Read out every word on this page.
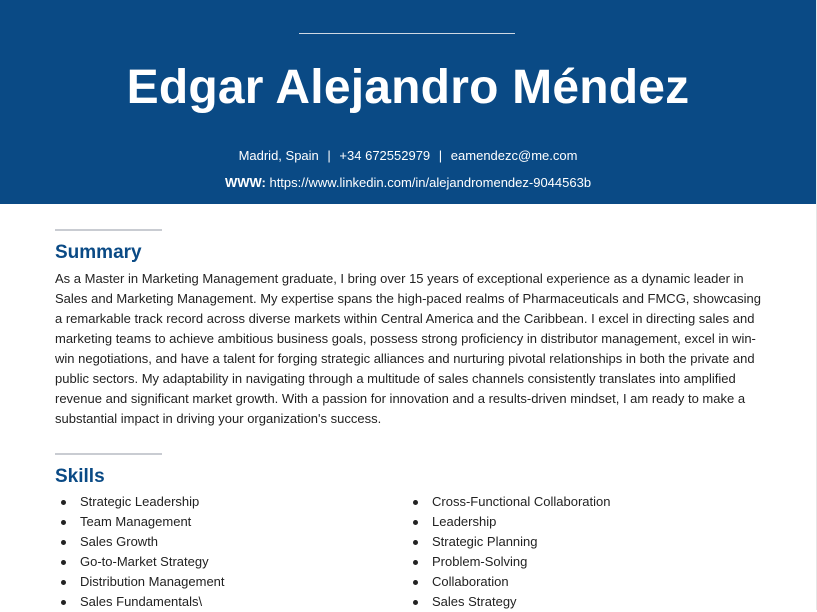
Edgar Alejandro Méndez
Madrid, Spain | +34 672552979 | eamendezc@me.com
WWW: https://www.linkedin.com/in/alejandromendez-9044563b
Summary

As a Master in Marketing Management graduate, I bring over 15 years of exceptional experience as a dynamic leader in Sales and Marketing Management. My expertise spans the high-paced realms of Pharmaceuticals and FMCG, showcasing a remarkable track record across diverse markets within Central America and the Caribbean. I excel in directing sales and marketing teams to achieve ambitious business goals, possess strong proficiency in distributor management, excel in win-win negotiations, and have a talent for forging strategic alliances and nurturing pivotal relationships in both the private and public sectors. My adaptability in navigating through a multitude of sales channels consistently translates into amplified revenue and significant market growth. With a passion for innovation and a results-driven mindset, I am ready to make a substantial impact in driving your organization's success.

Skills
Strategic Leadership
Team Management
Sales Growth
Go-to-Market Strategy
Distribution Management
Sales Fundamentals\
Cross-Functional Collaboration
Leadership
Strategic Planning
Problem-Solving
Collaboration
Sales Strategy
